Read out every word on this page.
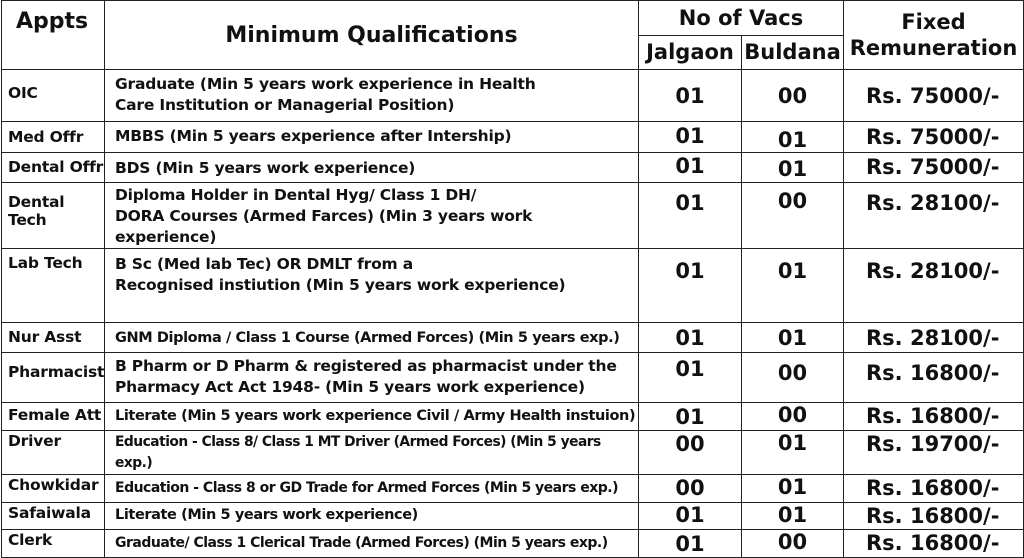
Appts	Minimum Qualifications	No of Vacs		Fixed
Remuneration
		Jalgaon	Buldana	
OIC	Graduate (Min 5 years work experience in Health
Care Institution or Managerial Position)	01	00	Rs. 75000/-
Med Offr	MBBS (Min 5 years experience after Intership)	01	01	Rs. 75000/-
Dental Offr	BDS (Min 5 years work experience)	01	01	Rs. 75000/-
Dental Tech	Diploma Holder in Dental Hyg/ Class 1 DH/
DORA Courses (Armed Farces) (Min 3 years work experience)	01	00	Rs. 28100/-
Lab Tech	B Sc (Med lab Tec) OR DMLT from a
Recognised instiution (Min 5 years work experience)	01	01	Rs. 28100/-
Nur Asst	GNM Diploma / Class 1 Course (Armed Forces) (Min 5 years exp.)	01	01	Rs. 28100/-
Pharmacist	B Pharm or D Pharm & registered as pharmacist under the
Pharmacy Act Act 1948- (Min 5 years work experience)	01	00	Rs. 16800/-
Female Att	Literate (Min 5 years work experience Civil / Army Health instuion)	01	00	Rs. 16800/-
Driver	Education - Class 8/ Class 1 MT Driver (Armed Forces) (Min 5 years exp.)	00	01	Rs. 19700/-
Chowkidar	Education - Class 8 or GD Trade for Armed Forces (Min 5 years exp.)	00	01	Rs. 16800/-
Safaiwala	Literate (Min 5 years work experience)	01	01	Rs. 16800/-
Clerk	Graduate/ Class 1 Clerical Trade (Armed Forces) (Min 5 years exp.)	01	00	Rs. 16800/-
